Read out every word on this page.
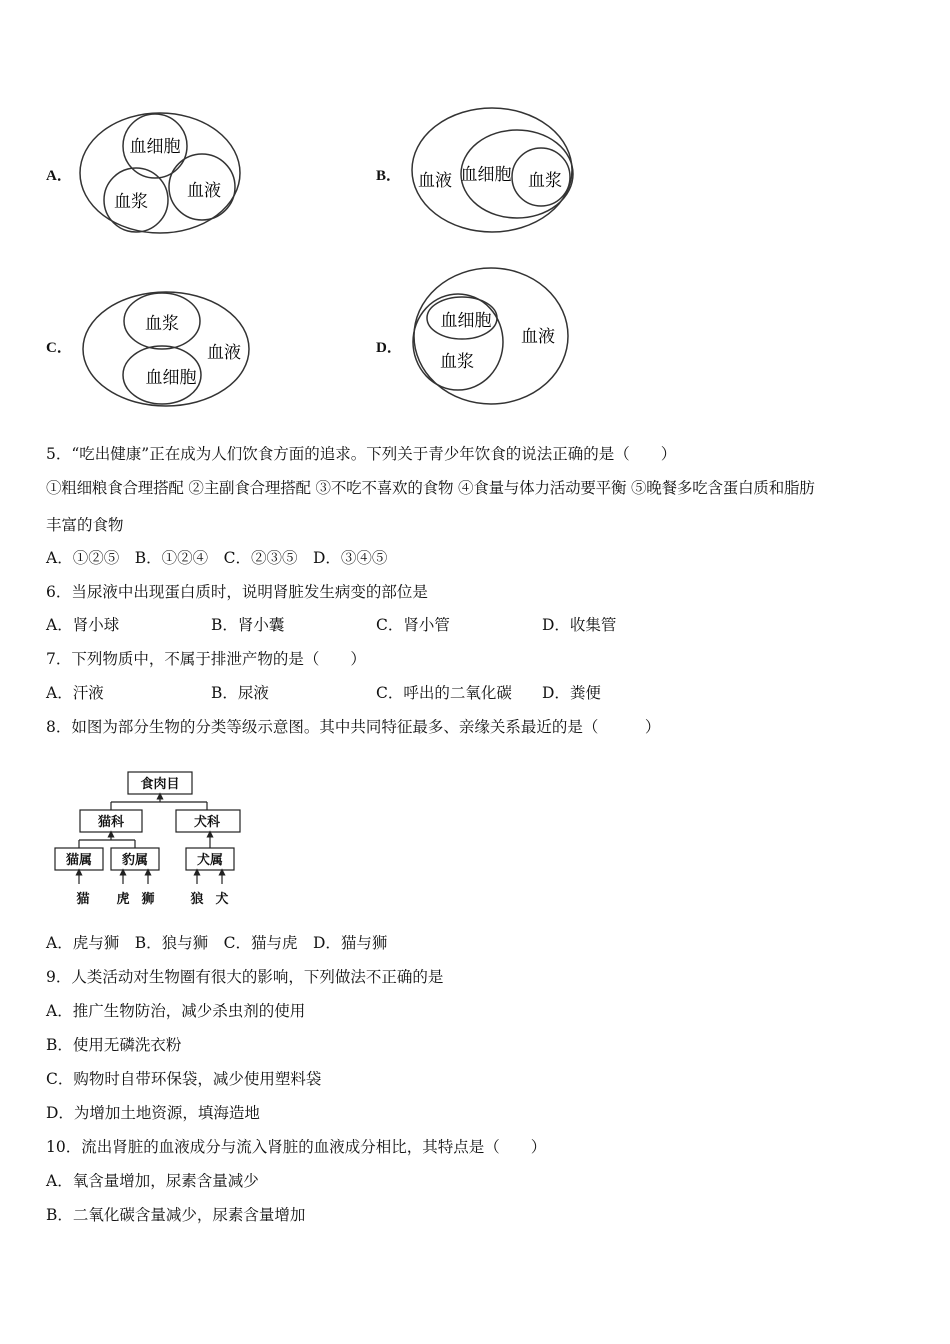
A．
血细胞
血浆
血液
B． 血液 血细胞 血浆
C．
血浆
血细胞
血液	D．
血细胞
血浆
血液
5．“吃出健康”正在成为人们饮食方面的追求。下列关于青少年饮食的说法正确的是（　　）
①粗细粮食合理搭配 ②主副食合理搭配 ③不吃不喜欢的食物 ④食量与体力活动要平衡 ⑤晚餐多吃含蛋白质和脂肪
丰富的食物
A．①②⑤　B．①②④　C．②③⑤　D．③④⑤
6．当尿液中出现蛋白质时，说明肾脏发生病变的部位是
A．肾小球	B．肾小囊	C．肾小管	D．收集管
7．下列物质中，不属于排泄产物的是（　　）
A．汗液	B．尿液	C．呼出的二氧化碳 D．粪便
8．如图为部分生物的分类等级示意图。其中共同特征最多、亲缘关系最近的是（　　　）
食肉目
猫科	犬科
猫属 豹属	犬属
猫 虎 狮	狼 犬
A．虎与狮　B．狼与狮　C．猫与虎　D．猫与狮
9．人类活动对生物圈有很大的影响，下列做法不正确的是
A．推广生物防治，减少杀虫剂的使用
B．使用无磷洗衣粉
C．购物时自带环保袋，减少使用塑料袋
D．为增加土地资源，填海造地
10．流出肾脏的血液成分与流入肾脏的血液成分相比，其特点是（　　）
A．氧含量增加，尿素含量减少
B．二氧化碳含量减少，尿素含量增加
